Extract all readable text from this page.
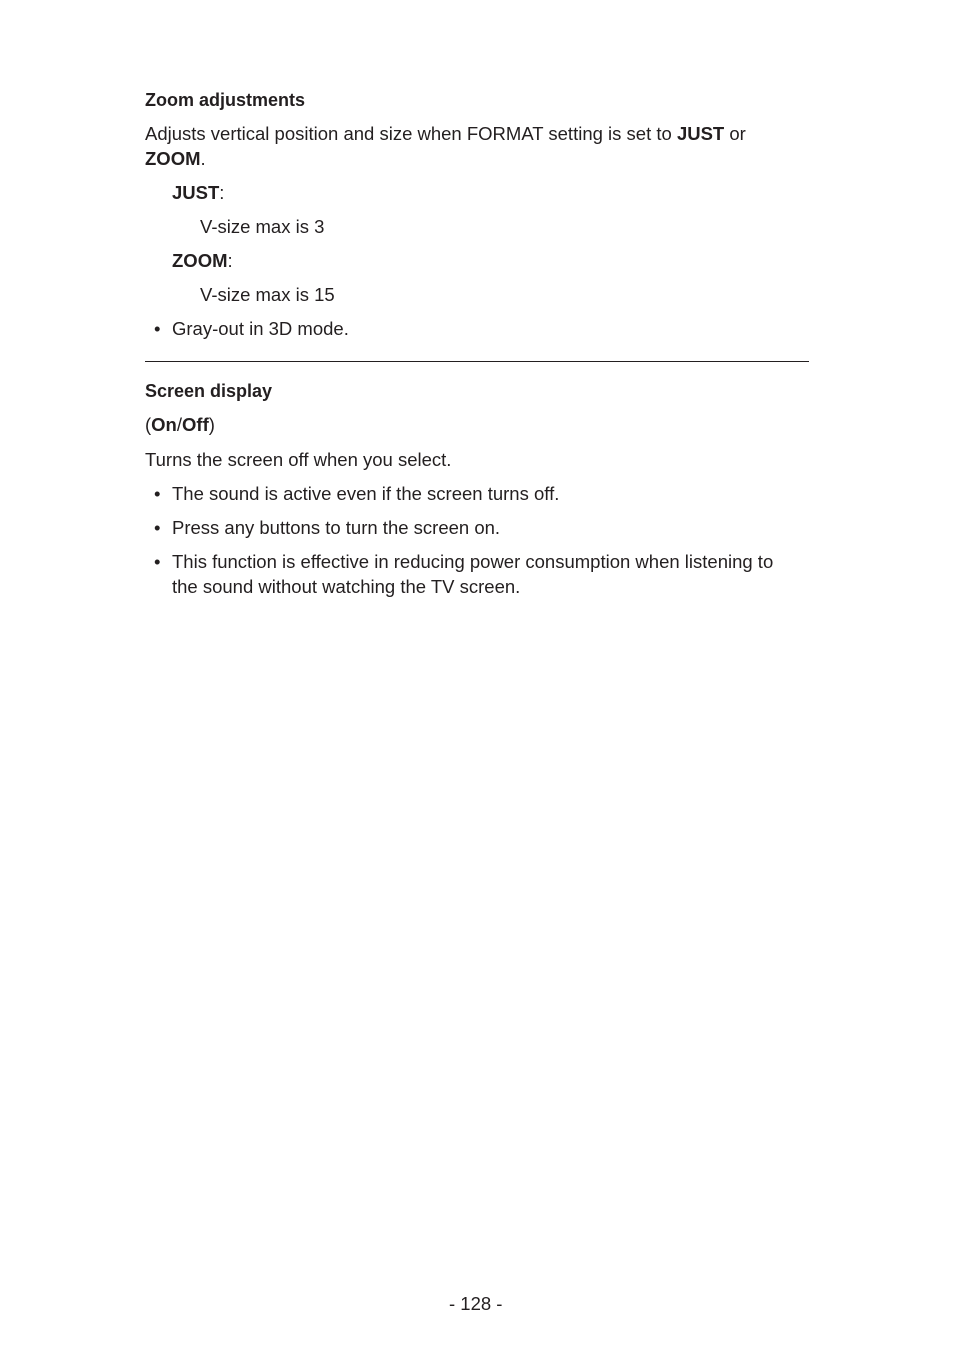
Zoom adjustments
Adjusts vertical position and size when FORMAT setting is set to JUST or
ZOOM.
JUST:
V-size max is 3
ZOOM:
V-size max is 15
• Gray-out in 3D mode.
Screen display
(On/Off)
Turns the screen off when you select.
• The sound is active even if the screen turns off.
• Press any buttons to turn the screen on.
• This function is effective in reducing power consumption when listening to
the sound without watching the TV screen.
- 128 -
